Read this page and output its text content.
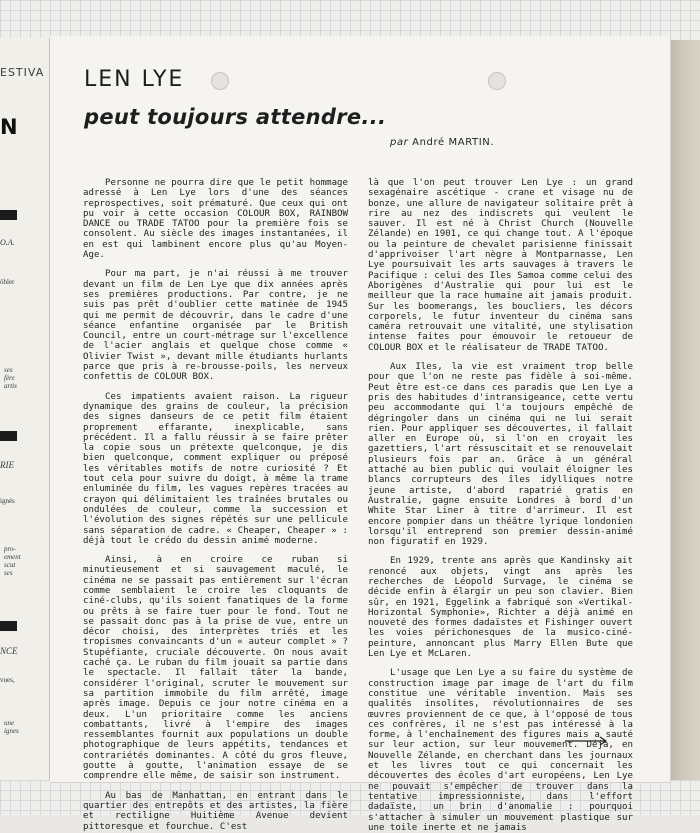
ESTIVA
N
O.A.
öhler
ses
fère
artis
RIE
ignés
pro-
ement
scut
ses
NCE
vues,
une
ignes
LEN LYE
peut toujours attendre...
par André MARTIN.

Personne ne pourra dire que le petit hommage adressé à Len Lye lors d'une des séances reprospectives, soit prématuré. Que ceux qui ont pu voir à cette occasion COLOUR BOX, RAINBOW DANCE ou TRADE TATOO pour la première fois se consolent. Au siècle des images instantanées, il en est qui lambinent encore plus qu'au Moyen-Age.

Pour ma part, je n'ai réussi à me trouver devant un film de Len Lye que dix années après ses premières productions. Par contre, je ne suis pas prêt d'oublier cette matinée de 1945 qui me permit de découvrir, dans le cadre d'une séance enfantine organisée par le British Council, entre un court-métrage sur l'excellence de l'acier anglais et quelque chose comme « Olivier Twist », devant mille étudiants hurlants parce que pris à re-brousse-poils, les nerveux confettis de COLOUR BOX.

Ces impatients avaient raison. La rigueur dynamique des grains de couleur, la précision des signes danseurs de ce petit film étaient proprement effarante, inexplicable, sans précédent. Il a fallu réussir à se faire prêter la copie sous un prétexte quelconque, je dis bien quelconque, comment expliquer ou préposé les véritables motifs de notre curiosité ? Et tout cela pour suivre du doigt, à même la trame enluminée du film, les vagues repères tracées au crayon qui délimitaient les traînées brutales ou ondulées de couleur, comme la succession et l'évolution des signes répétés sur une pellicule sans séparation de cadre. « Cheaper, Cheaper » : déjà tout le crédo du dessin animé moderne.

Ainsi, à en croire ce ruban si minutieusement et si sauvagement maculé, le cinéma ne se passait pas entièrement sur l'écran comme semblaient le croire les cloquants de ciné-clubs, qu'ils soient fanatiques de la forme ou prêts à se faire tuer pour le fond. Tout ne se passait donc pas à la prise de vue, entre un décor choisi, des interprètes triés et les tropismes convaincants d'un « auteur complet » ? Stupéfiante, cruciale découverte. On nous avait caché ça. Le ruban du film jouait sa partie dans le spectacle. Il fallait tâter la bande, considérer l'original, scruter le mouvement sur sa partition immobile du film arrêté, image après image. Depuis ce jour notre cinéma en a deux. L'un prioritaire comme les anciens combattants, livré à l'empire des images ressemblantes fournit aux populations un double photographique de leurs appétits, tendances et contrariétés dominantes. A côté du gros fleuve, goutte à goutte, l'animation essaye de se comprendre elle même, de saisir son instrument.

Au bas de Manhattan, en entrant dans le quartier des entrepôts et des artistes, la fière et rectiligne Huitième Avenue devient pittoresque et fourchue. C'est

là que l'on peut trouver Len Lye : un grand sexagénaire ascétique - crane et visage nu de bonze, une allure de navigateur solitaire prêt à rire au nez des indiscrets qui veulent le sauver. Il est né à Christ Church (Nouvelle Zélande) en 1901, ce qui change tout. A l'époque ou la peinture de chevalet parisienne finissait d'apprivoiser l'art nègre à Montparnasse, Len Lye poursuivait les arts sauvages à travers le Pacifique : celui des Iles Samoa comme celui des Aborigènes d'Australie qui pour lui est le meilleur que la race humaine ait jamais produit. Sur les boomerangs, les boucliers, les décors corporels, le futur inventeur du cinéma sans caméra retrouvait une vitalité, une stylisation intense faites pour émouvoir le retoueur de COLOUR BOX et le réalisateur de TRADE TATOO.

Aux Iles, la vie est vraiment trop belle pour que l'on ne reste pas fidèle à soi-même. Peut être est-ce dans ces paradis que Len Lye a pris des habitudes d'intransigeance, cette vertu peu accommodante qui l'a toujours empêché de dégringoler dans un cinéma qui ne lui serait rien. Pour appliquer ses découvertes, il fallait aller en Europe où, si l'on en croyait les gazettiers, l'art réssuscitait et se renouvelait plusieurs fois par an. Grâce à un général attaché au bien public qui voulait éloigner les blancs corrupteurs des îles idylliques notre jeune artiste, d'abord rapatrié gratis en Australie, gagne ensuite Londres à bord d'un White Star Liner à titre d'arrimeur. Il est encore pompier dans un théâtre lyrique londonien lorsqu'il entreprend son premier dessin-animé non figuratif en 1929.

En 1929, trente ans après que Kandinsky ait renoncé aux objets, vingt ans après les recherches de Léopold Survage, le cinéma se décide enfin à élargir un peu son clavier. Bien sûr, en 1921, Eggelink a fabriqué son «Vertikal-Horizontal Symphonie», Richter a déjà animé en nouveté des formes dadaïstes et Fishinger ouvert les voies périchonesques de la musico-ciné-peinture, annoncant plus Marry Ellen Bute que Len Lye et McLaren.

L'usage que Len Lye a su faire du système de construction image par image de l'art du film constitue une véritable invention. Mais ses qualités insolites, révolutionnaires de ses œuvres proviennent de ce que, à l'opposé de tous ces confrères, il ne s'est pas intéressé à la forme, à l'enchaînement des figures mais a sauté sur leur action, sur leur mouvement. Déjà, en Nouvelle Zélande, en cherchant dans les journaux et les livres tout ce qui concernait les découvertes des écoles d'art européens, Len Lye ne pouvait s'empêcher de trouver dans la tentative impressionniste, dans l'effort dadaïste, un brin d'anomalie : pourquoi s'attacher à simuler un mouvement plastique sur une toile inerte et ne jamais
